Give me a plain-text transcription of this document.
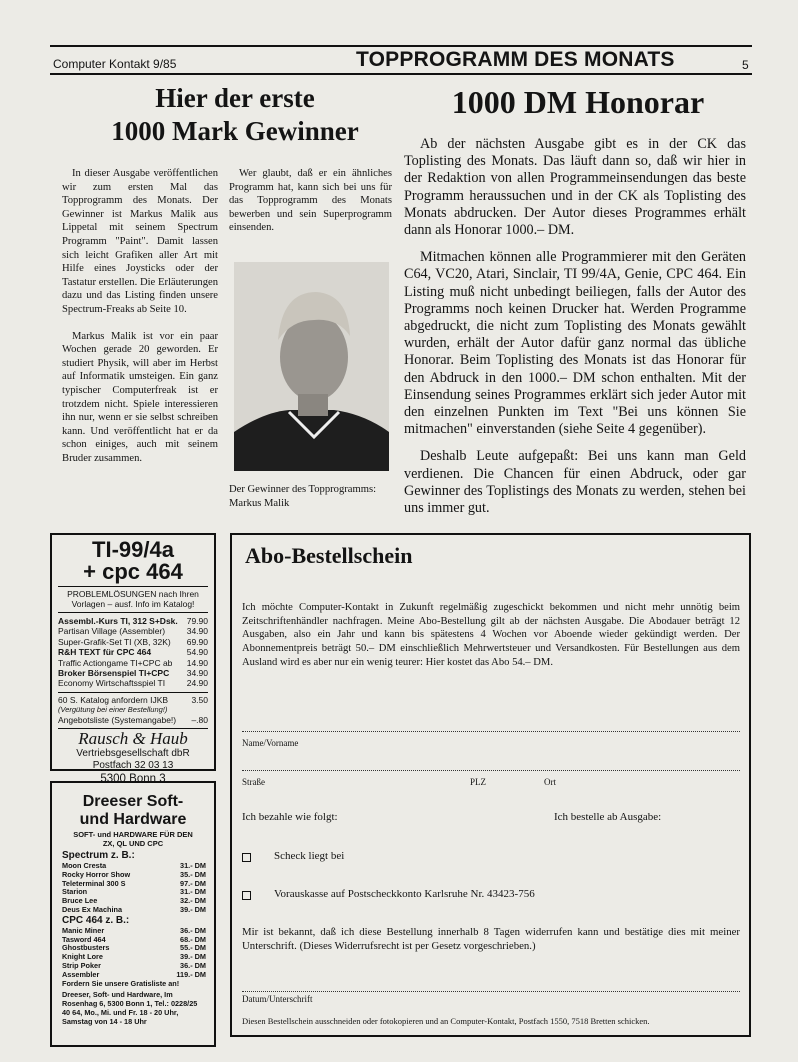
Computer Kontakt 9/85	TOPPROGRAMM DES MONATS	5
Hier der erste
1000 Mark Gewinner

In dieser Ausgabe veröffentlichen wir zum ersten Mal das Topprogramm des Monats. Der Gewinner ist Markus Malik aus Lippetal mit seinem Spectrum Programm "Paint". Damit lassen sich leicht Grafiken aller Art mit Hilfe eines Joysticks oder der Tastatur erstellen. Die Erläuterungen dazu und das Listing finden unsere Spectrum-Freaks ab Seite 10.

Markus Malik ist vor ein paar Wochen gerade 20 geworden. Er studiert Physik, will aber im Herbst auf Informatik umsteigen. Ein ganz typischer Computerfreak ist er trotzdem nicht. Spiele interessieren ihn nur, wenn er sie selbst schreiben kann. Und veröffentlicht hat er da schon einiges, auch mit seinem Bruder zusammen.

Wer glaubt, daß er ein ähnliches Programm hat, kann sich bei uns für das Topprogramm des Monats bewerben und sein Superprogramm einsenden.

Der Gewinner des Topprogramms:
Markus Malik
1000 DM Honorar

Ab der nächsten Ausgabe gibt es in der CK das Toplisting des Monats. Das läuft dann so, daß wir hier in der Redaktion von allen Programmeinsendungen das beste Programm heraussuchen und in der CK als Toplisting des Monats abdrucken. Der Autor dieses Programmes erhält dann als Honorar 1000.– DM.

Mitmachen können alle Programmierer mit den Geräten C64, VC20, Atari, Sinclair, TI 99/4A, Genie, CPC 464. Ein Listing muß nicht unbedingt beiliegen, falls der Autor des Programms noch keinen Drucker hat. Werden Programme abgedruckt, die nicht zum Toplisting des Monats gewählt wurden, erhält der Autor dafür ganz normal das übliche Honorar. Beim Toplisting des Monats ist das Honorar für den Abdruck in den 1000.– DM schon enthalten. Mit der Einsendung seines Programmes erklärt sich jeder Autor mit den einzelnen Punkten im Text "Bei uns können Sie mitmachen" einverstanden (siehe Seite 4 gegenüber).

Deshalb Leute aufgepaßt: Bei uns kann man Geld verdienen. Die Chancen für einen Abdruck, oder gar Gewinner des Toplistings des Monats zu werden, stehen bei uns immer gut.

TI-99/4a
+ cpc 464
PROBLEMLÖSUNGEN nach Ihren Vorlagen – ausf. Info im Katalog!
Assembl.-Kurs TI, 312 S+Dsk. 79.90
Partisan Village (Assembler)	34.90
Super-Grafik-Set TI (XB, 32K) 69.90
R&H TEXT für CPC 464	54.90
Traffic Actiongame TI+CPC ab 14.90
Broker Börsenspiel TI+CPC 34.90
Economy Wirtschaftsspiel TI	24.90
60 S. Katalog anfordern IJKB	3.50
(Vergütung bei einer Bestellung!)
Angebotsliste (Systemangabe!) –.80
Rausch & Haub
Vertriebsgesellschaft dbR
Postfach 32 03 13
5300 Bonn 3
Dreeser Soft-
und Hardware
SOFT- und HARDWARE FÜR DEN ZX, QL UND CPC
Spectrum z. B.:
Moon Cresta	31.- DM
Rocky Horror Show	35.- DM
Teleterminal 300 S	97.- DM
Starion	31.- DM
Bruce Lee	32.- DM
Deus Ex Machina	39.- DM
CPC 464 z. B.:
Manic Miner	36.- DM
Tasword 464	68.- DM
Ghostbusters	55.- DM
Knight Lore	39.- DM
Strip Poker	36.- DM
Assembler	119.- DM
Fordern Sie unsere Gratisliste an!
Dreeser, Soft- und Hardware, Im Rosenhag 6, 5300 Bonn 1, Tel.: 0228/25 40 64, Mo., Mi. und Fr. 18 - 20 Uhr, Samstag von 14 - 18 Uhr
Abo-Bestellschein
Ich möchte Computer-Kontakt in Zukunft regelmäßig zugeschickt bekommen und nicht mehr unnötig beim Zeitschriftenhändler nachfragen. Meine Abo-Bestellung gilt ab der nächsten Ausgabe. Die Abodauer beträgt 12 Ausgaben, also ein Jahr und kann bis spätestens 4 Wochen vor Aboende wieder gekündigt werden. Der Abonnementpreis beträgt 50.– DM einschließlich Mehrwertsteuer und Versandkosten. Für Bestellungen aus dem Ausland wird es aber nur ein wenig teurer: Hier kostet das Abo 54.– DM.
Name/Vorname
Straße	PLZ	Ort
Ich bezahle wie folgt:	Ich bestelle ab Ausgabe:
Scheck liegt bei
Vorauskasse auf Postscheckkonto Karlsruhe Nr. 43423-756
Mir ist bekannt, daß ich diese Bestellung innerhalb 8 Tagen widerrufen kann und bestätige dies mit meiner Unterschrift. (Dieses Widerrufsrecht ist per Gesetz vorgeschrieben.)
Datum/Unterschrift
Diesen Bestellschein ausschneiden oder fotokopieren und an Computer-Kontakt, Postfach 1550, 7518 Bretten schicken.
